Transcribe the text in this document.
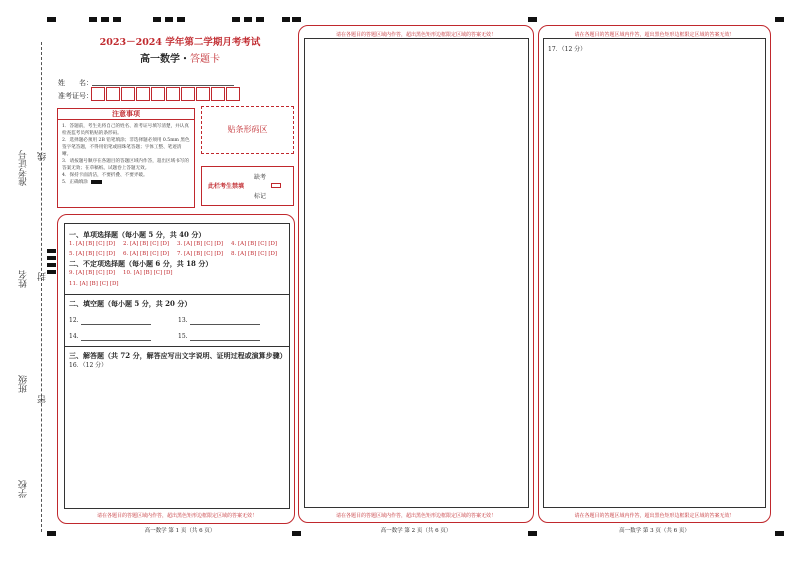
准考证号 线
姓名 封
班级
密
学校
2023－2024 学年第二学期月考考试
高一数学・答题卡
姓　　名：
准考证号：
注意事项

1．答题前，考生先将自己的姓名、准考证号填写清楚，并认真检查监考员所粘贴的条形码。

2．选择题必须用 2B 铅笔填涂；非选择题必须用 0.5mm 黑色签字笔答题，不得用铅笔或圆珠笔答题；字体工整、笔迹清晰。

3．请按题号顺序在各题目的答题区域内作答，超出区域书写的答案无效；在草稿纸、试题卷上答题无效。

4．保持卡面清洁，不要折叠、不要弄破。

5．正确填涂

贴条形码区
缺考
此栏考生禁填
标记
一、单项选择题（每小题 5 分，共 40 分）
1. [A] [B] [C] [D] 2. [A] [B] [C] [D] 3. [A] [B] [C] [D] 4. [A] [B] [C] [D]
5. [A] [B] [C] [D] 6. [A] [B] [C] [D] 7. [A] [B] [C] [D] 8. [A] [B] [C] [D]
二、不定项选择题（每小题 6 分，共 18 分）
9. [A] [B] [C] [D] 10. [A] [B] [C] [D]
11. [A] [B] [C] [D]
二、填空题（每小题 5 分，共 20 分）
12.	13.
14.	15.
三、解答题（共 72 分，解答应写出文字说明、证明过程或演算步骤）
16．（12 分）
请在各题目的答题区域内作答，超出黑色矩形边框限定区域的答案无效！
高一数学 第 1 页（共 6 页）
请在各题目的答题区域内作答，超出黑色矩形边框限定区域的答案无效！
请在各题目的答题区域内作答，超出黑色矩形边框限定区域的答案无效！
高一数学 第 2 页（共 6 页）
请在各题目的答题区域内作答，超出黑色矩形边框限定区域的答案无效！
17．（12 分）
请在各题目的答题区域内作答，超出黑色矩形边框限定区域的答案无效！
高一数学 第 3 页（共 6 页）
